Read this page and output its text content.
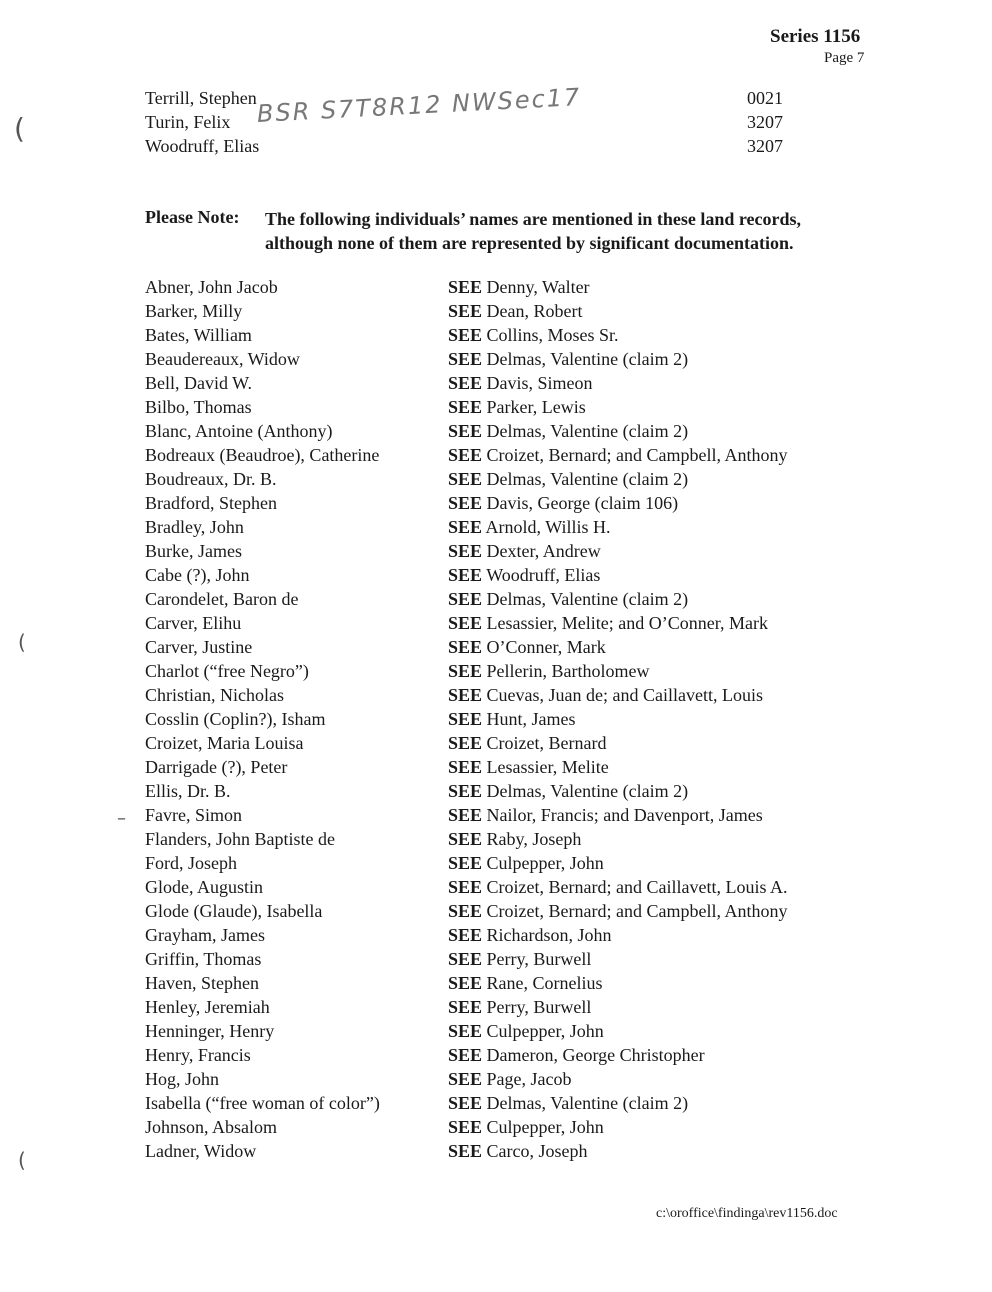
Series 1156
Page 7
Terrill, Stephen	0021
Turin, Felix	3207
Woodruff, Elias	3207
BSR S7T8R12 NWSec17
Please Note: The following individuals’ names are mentioned in these land records,
although none of them are represented by significant documentation.
Abner, John Jacob	SEE Denny, Walter
Barker, Milly	SEE Dean, Robert
Bates, William	SEE Collins, Moses Sr.
Beaudereaux, Widow	SEE Delmas, Valentine (claim 2)
Bell, David W.	SEE Davis, Simeon
Bilbo, Thomas	SEE Parker, Lewis
Blanc, Antoine (Anthony)	SEE Delmas, Valentine (claim 2)
Bodreaux (Beaudroe), Catherine	SEE Croizet, Bernard; and Campbell, Anthony
Boudreaux, Dr. B.	SEE Delmas, Valentine (claim 2)
Bradford, Stephen	SEE Davis, George (claim 106)
Bradley, John	SEE Arnold, Willis H.
Burke, James	SEE Dexter, Andrew
Cabe (?), John	SEE Woodruff, Elias
Carondelet, Baron de	SEE Delmas, Valentine (claim 2)
Carver, Elihu	SEE Lesassier, Melite; and O’Conner, Mark
Carver, Justine	SEE O’Conner, Mark
Charlot (“free Negro”)	SEE Pellerin, Bartholomew
Christian, Nicholas	SEE Cuevas, Juan de; and Caillavett, Louis
Cosslin (Coplin?), Isham	SEE Hunt, James
Croizet, Maria Louisa	SEE Croizet, Bernard
Darrigade (?), Peter	SEE Lesassier, Melite
Ellis, Dr. B.	SEE Delmas, Valentine (claim 2)
Favre, Simon	SEE Nailor, Francis; and Davenport, James
Flanders, John Baptiste de	SEE Raby, Joseph
Ford, Joseph	SEE Culpepper, John
Glode, Augustin	SEE Croizet, Bernard; and Caillavett, Louis A.
Glode (Glaude), Isabella	SEE Croizet, Bernard; and Campbell, Anthony
Grayham, James	SEE Richardson, John
Griffin, Thomas	SEE Perry, Burwell
Haven, Stephen	SEE Rane, Cornelius
Henley, Jeremiah	SEE Perry, Burwell
Henninger, Henry	SEE Culpepper, John
Henry, Francis	SEE Dameron, George Christopher
Hog, John	SEE Page, Jacob
Isabella (“free woman of color”)	SEE Delmas, Valentine (claim 2)
Johnson, Absalom	SEE Culpepper, John
Ladner, Widow	SEE Carco, Joseph
(
(
–
(
c:\oroffice\findinga\rev1156.doc
